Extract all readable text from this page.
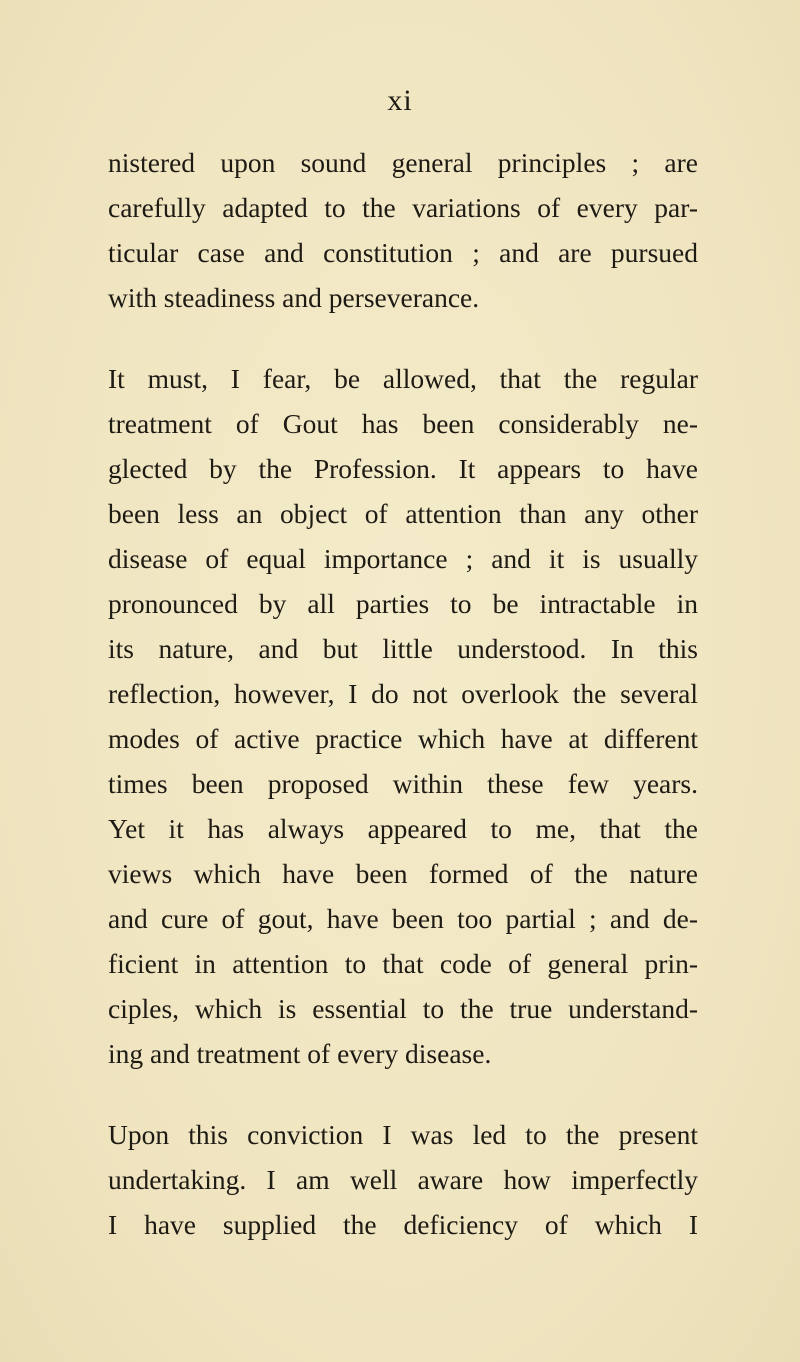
xi
nistered upon sound general principles ; are
carefully adapted to the variations of every par-
ticular case and constitution ; and are pursued
with steadiness and perseverance.
It must, I fear, be allowed, that the regular
treatment of Gout has been considerably ne-
glected by the Profession. It appears to have
been less an object of attention than any other
disease of equal importance ; and it is usually
pronounced by all parties to be intractable in
its nature, and but little understood. In this
reflection, however, I do not overlook the several
modes of active practice which have at different
times been proposed within these few years.
Yet it has always appeared to me, that the
views which have been formed of the nature
and cure of gout, have been too partial ; and de-
ficient in attention to that code of general prin-
ciples, which is essential to the true understand-
ing and treatment of every disease.
Upon this conviction I was led to the present
undertaking. I am well aware how imperfectly
I have supplied the deficiency of which I
